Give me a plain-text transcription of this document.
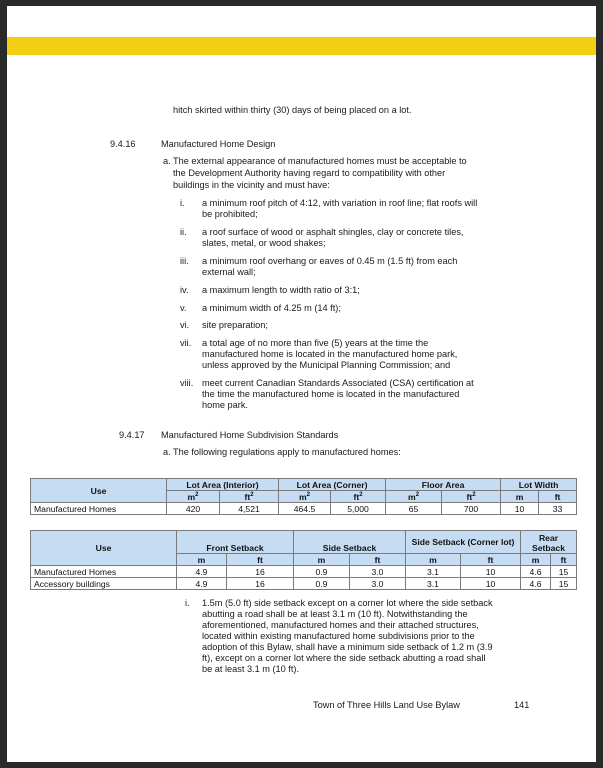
hitch skirted within thirty (30) days of being placed on a lot.
9.4.16	Manufactured Home Design
a. The external appearance of manufactured homes must be acceptable to
the Development Authority having regard to compatibility with other
buildings in the vicinity and must have:
i. a minimum roof pitch of 4:12, with variation in roof line; flat roofs will
be prohibited;
ii. a roof surface of wood or asphalt shingles, clay or concrete tiles,
slates, metal, or wood shakes;
iii. a minimum roof overhang or eaves of 0.45 m (1.5 ft) from each
external wall;
iv. a maximum length to width ratio of 3:1;
v. a minimum width of 4.25 m (14 ft);
vi. site preparation;
vii. a total age of no more than five (5) years at the time the
manufactured home is located in the manufactured home park,
unless approved by the Municipal Planning Commission; and
viii. meet current Canadian Standards Associated (CSA) certification at
the time the manufactured home is located in the manufactured
home park.
9.4.17 Manufactured Home Subdivision Standards
a. The following regulations apply to manufactured homes:
Use	Lot Area (Interior)		Lot Area (Corner)		Floor Area		Lot Width	
	$m^2$	$ft^2$	$m^2$	$ft^2$	$m^2$	$ft^2$	m	ft
Manufactured Homes	420	4,521	464.5	5,000	65	700	10	33
Use	Front Setback		Side Setback		Side Setback (Corner lot)		Rear Setback	
	m	ft	m	ft	m	ft	m	ft
Manufactured Homes	4.9	16	0.9	3.0	3.1	10	4.6	15
Accessory buildings	4.9	16	0.9	3.0	3.1	10	4.6	15
i. 1.5m (5.0 ft) side setback except on a corner lot where the side setback
abutting a road shall be at least 3.1 m (10 ft). Notwithstanding the
aforementioned, manufactured homes and their attached structures,
located within existing manufactured home subdivisions prior to the
adoption of this Bylaw, shall have a minimum side setback of 1.2 m (3.9
ft), except on a corner lot where the side setback abutting a road shall
be at least 3.1 m (10 ft).
Town of Three Hills Land Use Bylaw	141
